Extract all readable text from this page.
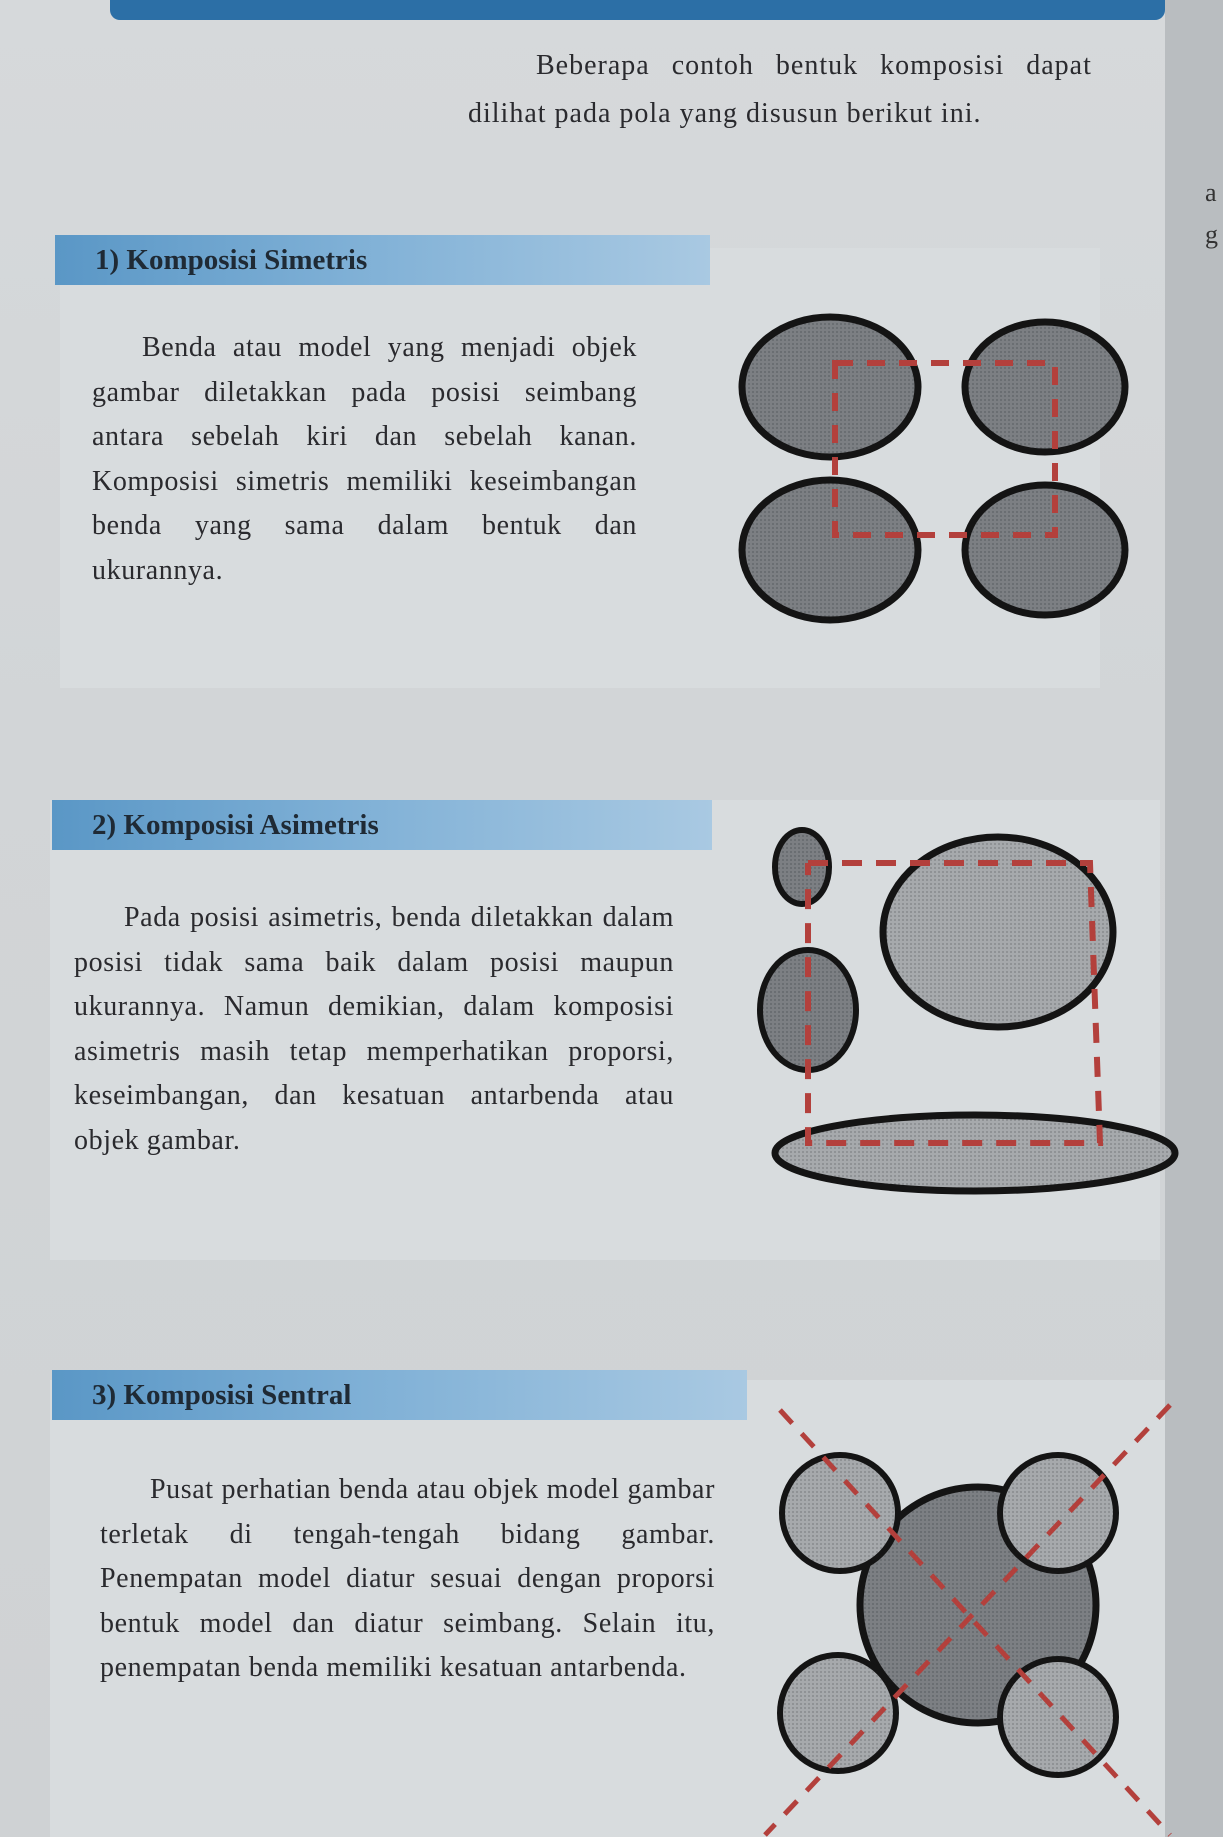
a
g
Beberapa contoh bentuk komposisi dapat
dilihat pada pola yang disusun berikut ini.
1) Komposisi Simetris

Benda atau model yang menjadi objek gambar diletakkan pada posisi seimbang antara sebelah kiri dan sebelah kanan. Komposisi simetris memiliki keseimbangan benda yang sama dalam bentuk dan ukurannya.

2) Komposisi Asimetris

Pada posisi asimetris, benda diletakkan dalam posisi tidak sama baik dalam posisi maupun ukurannya. Namun demikian, dalam komposisi asimetris masih tetap memperhatikan proporsi, keseimbangan, dan kesatuan antarbenda atau objek gambar.

3) Komposisi Sentral

Pusat perhatian benda atau objek model gambar terletak di tengah-tengah bidang gambar. Penempatan model diatur sesuai dengan proporsi bentuk model dan diatur seimbang. Selain itu, penempatan benda memiliki kesatuan antarbenda.
